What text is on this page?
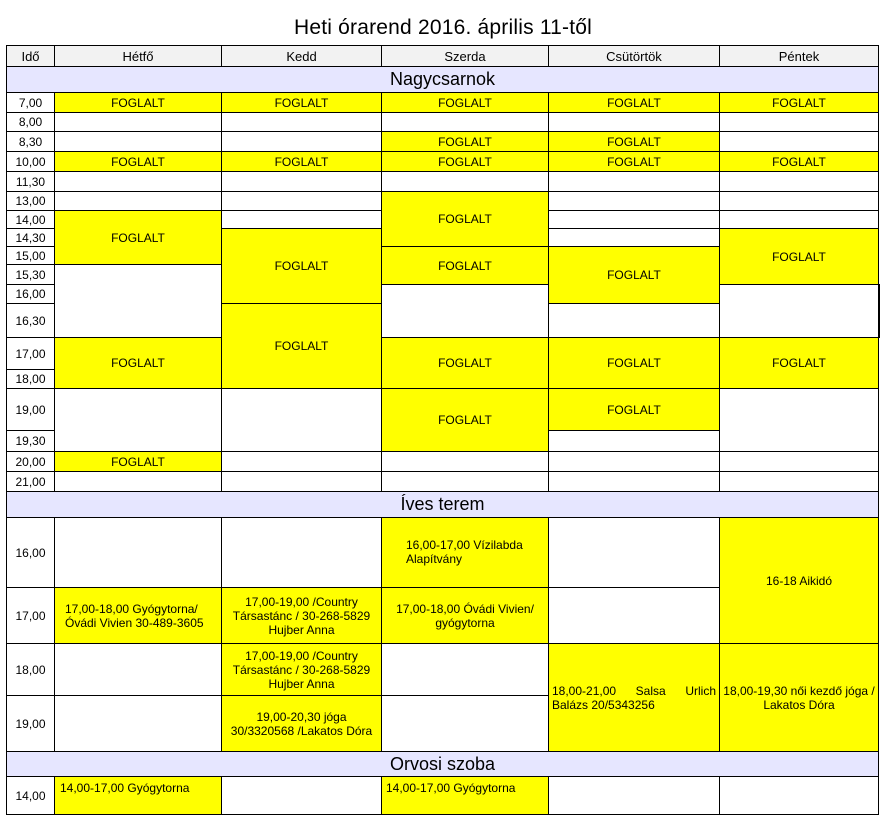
Heti órarend 2016. április 11-től
Idő	Hétfő	Kedd	Szerda	Csütörtök	Péntek	
Nagycsarnok						
7,00	FOGLALT	FOGLALT	FOGLALT	FOGLALT	FOGLALT	
8,00						
8,30			FOGLALT	FOGLALT		
10,00	FOGLALT	FOGLALT	FOGLALT	FOGLALT	FOGLALT	
11,30						
13,00			FOGLALT			
14,00	FOGLALT					
14,30		FOGLALT			FOGLALT	
15,00			FOGLALT	FOGLALT		
15,30						
16,00						
16,30		FOGLALT				
17,00	FOGLALT		FOGLALT	FOGLALT	FOGLALT	
18,00						
19,00			FOGLALT	FOGLALT		
19,30						
20,00	FOGLALT					
21,00						
Íves terem						
16,00			16,00-17,00 Vízilabda Alapítvány		16-18 Aikidó	
17,00	17,00-18,00 Gyógytorna/ Óvádi Vivien 30-489-3605	17,00-19,00 /Country Társastánc / 30-268-5829 Hujber Anna	17,00-18,00 Óvádi Vivien/ gyógytorna			
18,00		17,00-19,00 /Country Társastánc / 30-268-5829 Hujber Anna		18,00-21,00 Salsa Urlich Balázs 20/5343256	18,00-19,30 női kezdő jóga / Lakatos Dóra	
19,00		19,00-20,30 jóga 30/3320568 /Lakatos Dóra				
Orvosi szoba						
14,00	14,00-17,00 Gyógytorna		14,00-17,00 Gyógytorna			
